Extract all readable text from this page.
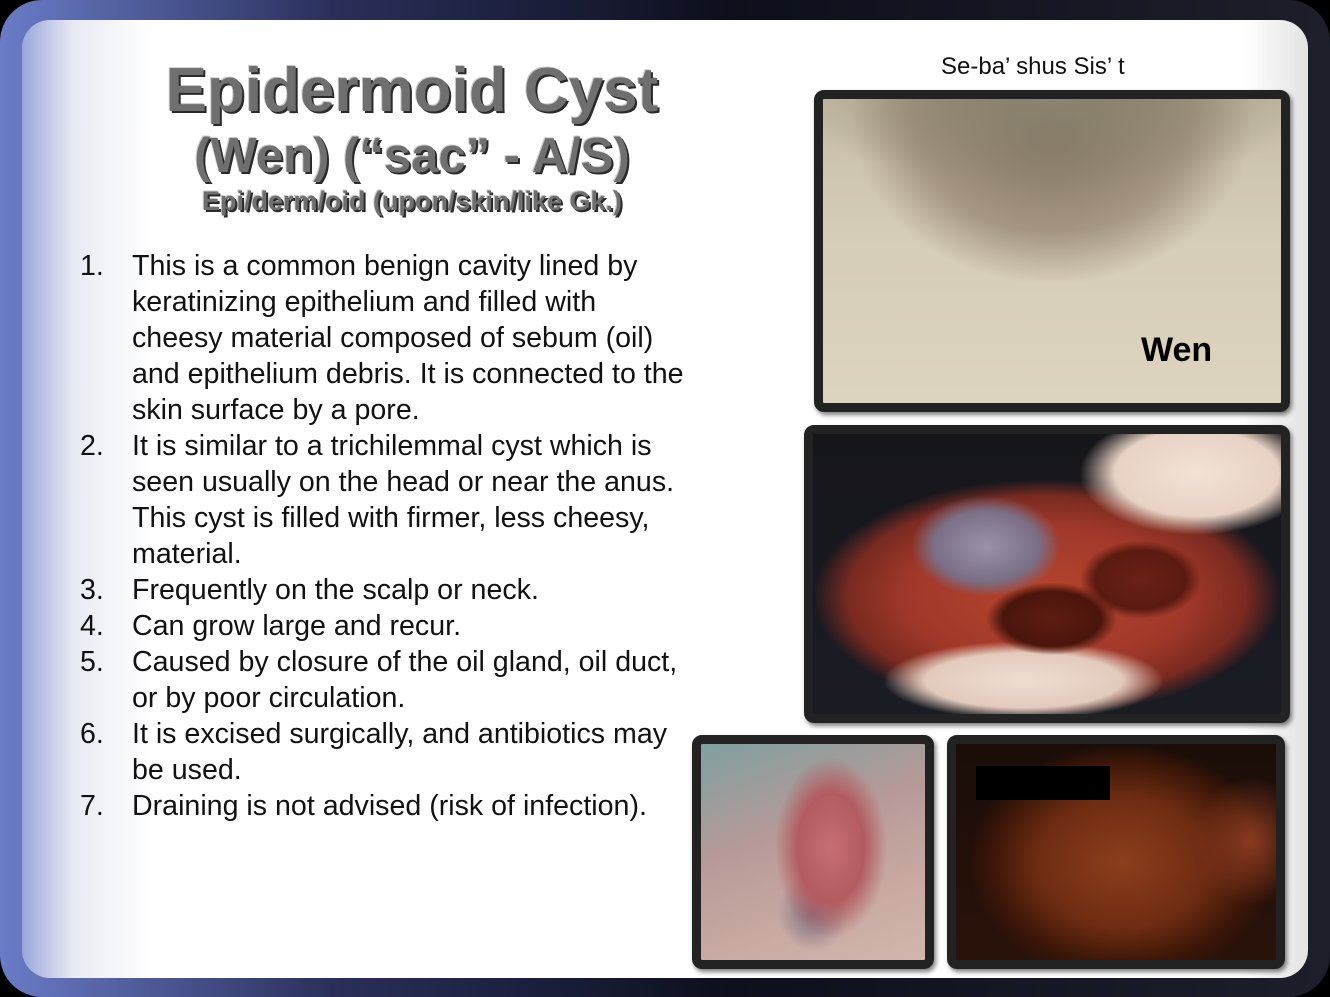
Epidermoid Cyst
(Wen) (“sac” - A/S)
Epi/derm/oid (upon/skin/like Gk.)
Se-ba’ shus Sis’ t
1. This is a common benign cavity lined by keratinizing epithelium and filled with cheesy material composed of sebum (oil) and epithelium debris. It is connected to the skin surface by a pore.
2. It is similar to a trichilemmal cyst which is seen usually on the head or near the anus. This cyst is filled with firmer, less cheesy, material.
3. Frequently on the scalp or neck.
4. Can grow large and recur.
5. Caused by closure of the oil gland, oil duct, or by poor circulation.
6. It is excised surgically, and antibiotics may be used.
7. Draining is not advised (risk of infection).
Wen
